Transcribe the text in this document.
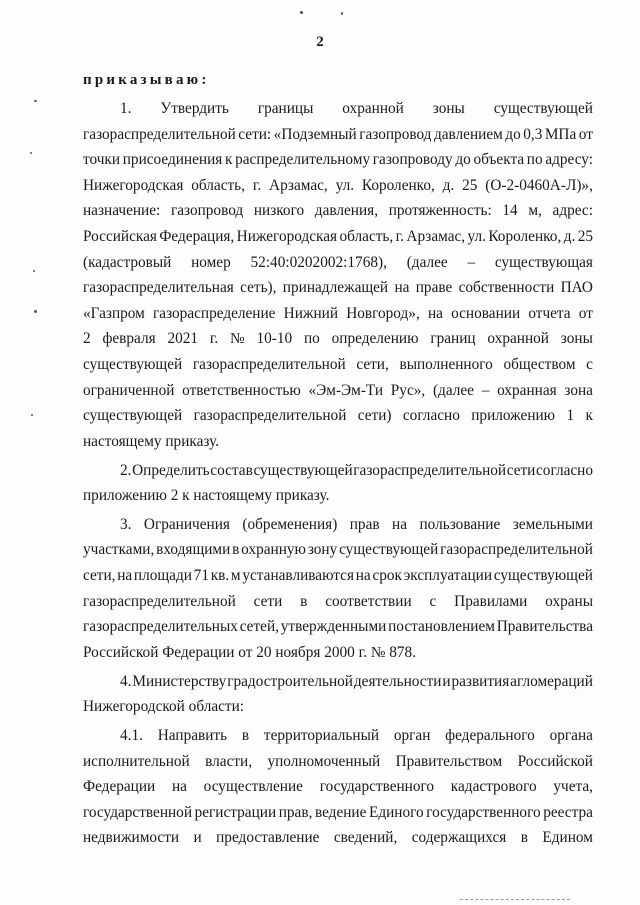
2
приказываю:
1. Утвердить границы охранной зоны существующей
газораспределительной сети: «Подземный газопровод давлением до 0,3 МПа от
точки присоединения к распределительному газопроводу до объекта по адресу:
Нижегородская область, г. Арзамас, ул. Короленко, д. 25 (О-2-0460А-Л)»,
назначение: газопровод низкого давления, протяженность: 14 м, адрес:
Российская Федерация, Нижегородская область, г. Арзамас, ул. Короленко, д. 25
(кадастровый номер 52:40:0202002:1768), (далее – существующая
газораспределительная сеть), принадлежащей на праве собственности ПАО
«Газпром газораспределение Нижний Новгород», на основании отчета от
2 февраля 2021 г. № 10-10 по определению границ охранной зоны
существующей газораспределительной сети, выполненного обществом с
ограниченной ответственностью «Эм-Эм-Ти Рус», (далее – охранная зона
существующей газораспределительной сети) согласно приложению 1 к
настоящему приказу.
2. Определить состав существующей газораспределительной сети согласно
приложению 2 к настоящему приказу.
3. Ограничения (обременения) прав на пользование земельными
участками, входящими в охранную зону существующей газораспределительной
сети, на площади 71 кв. м устанавливаются на срок эксплуатации существующей
газораспределительной сети в соответствии с Правилами охраны
газораспределительных сетей, утвержденными постановлением Правительства
Российской Федерации от 20 ноября 2000 г. № 878.
4. Министерству градостроительной деятельности и развития агломераций
Нижегородской области:
4.1. Направить в территориальный орган федерального органа
исполнительной власти, уполномоченный Правительством Российской
Федерации на осуществление государственного кадастрового учета,
государственной регистрации прав, ведение Единого государственного реестра
недвижимости и предоставление сведений, содержащихся в Едином
